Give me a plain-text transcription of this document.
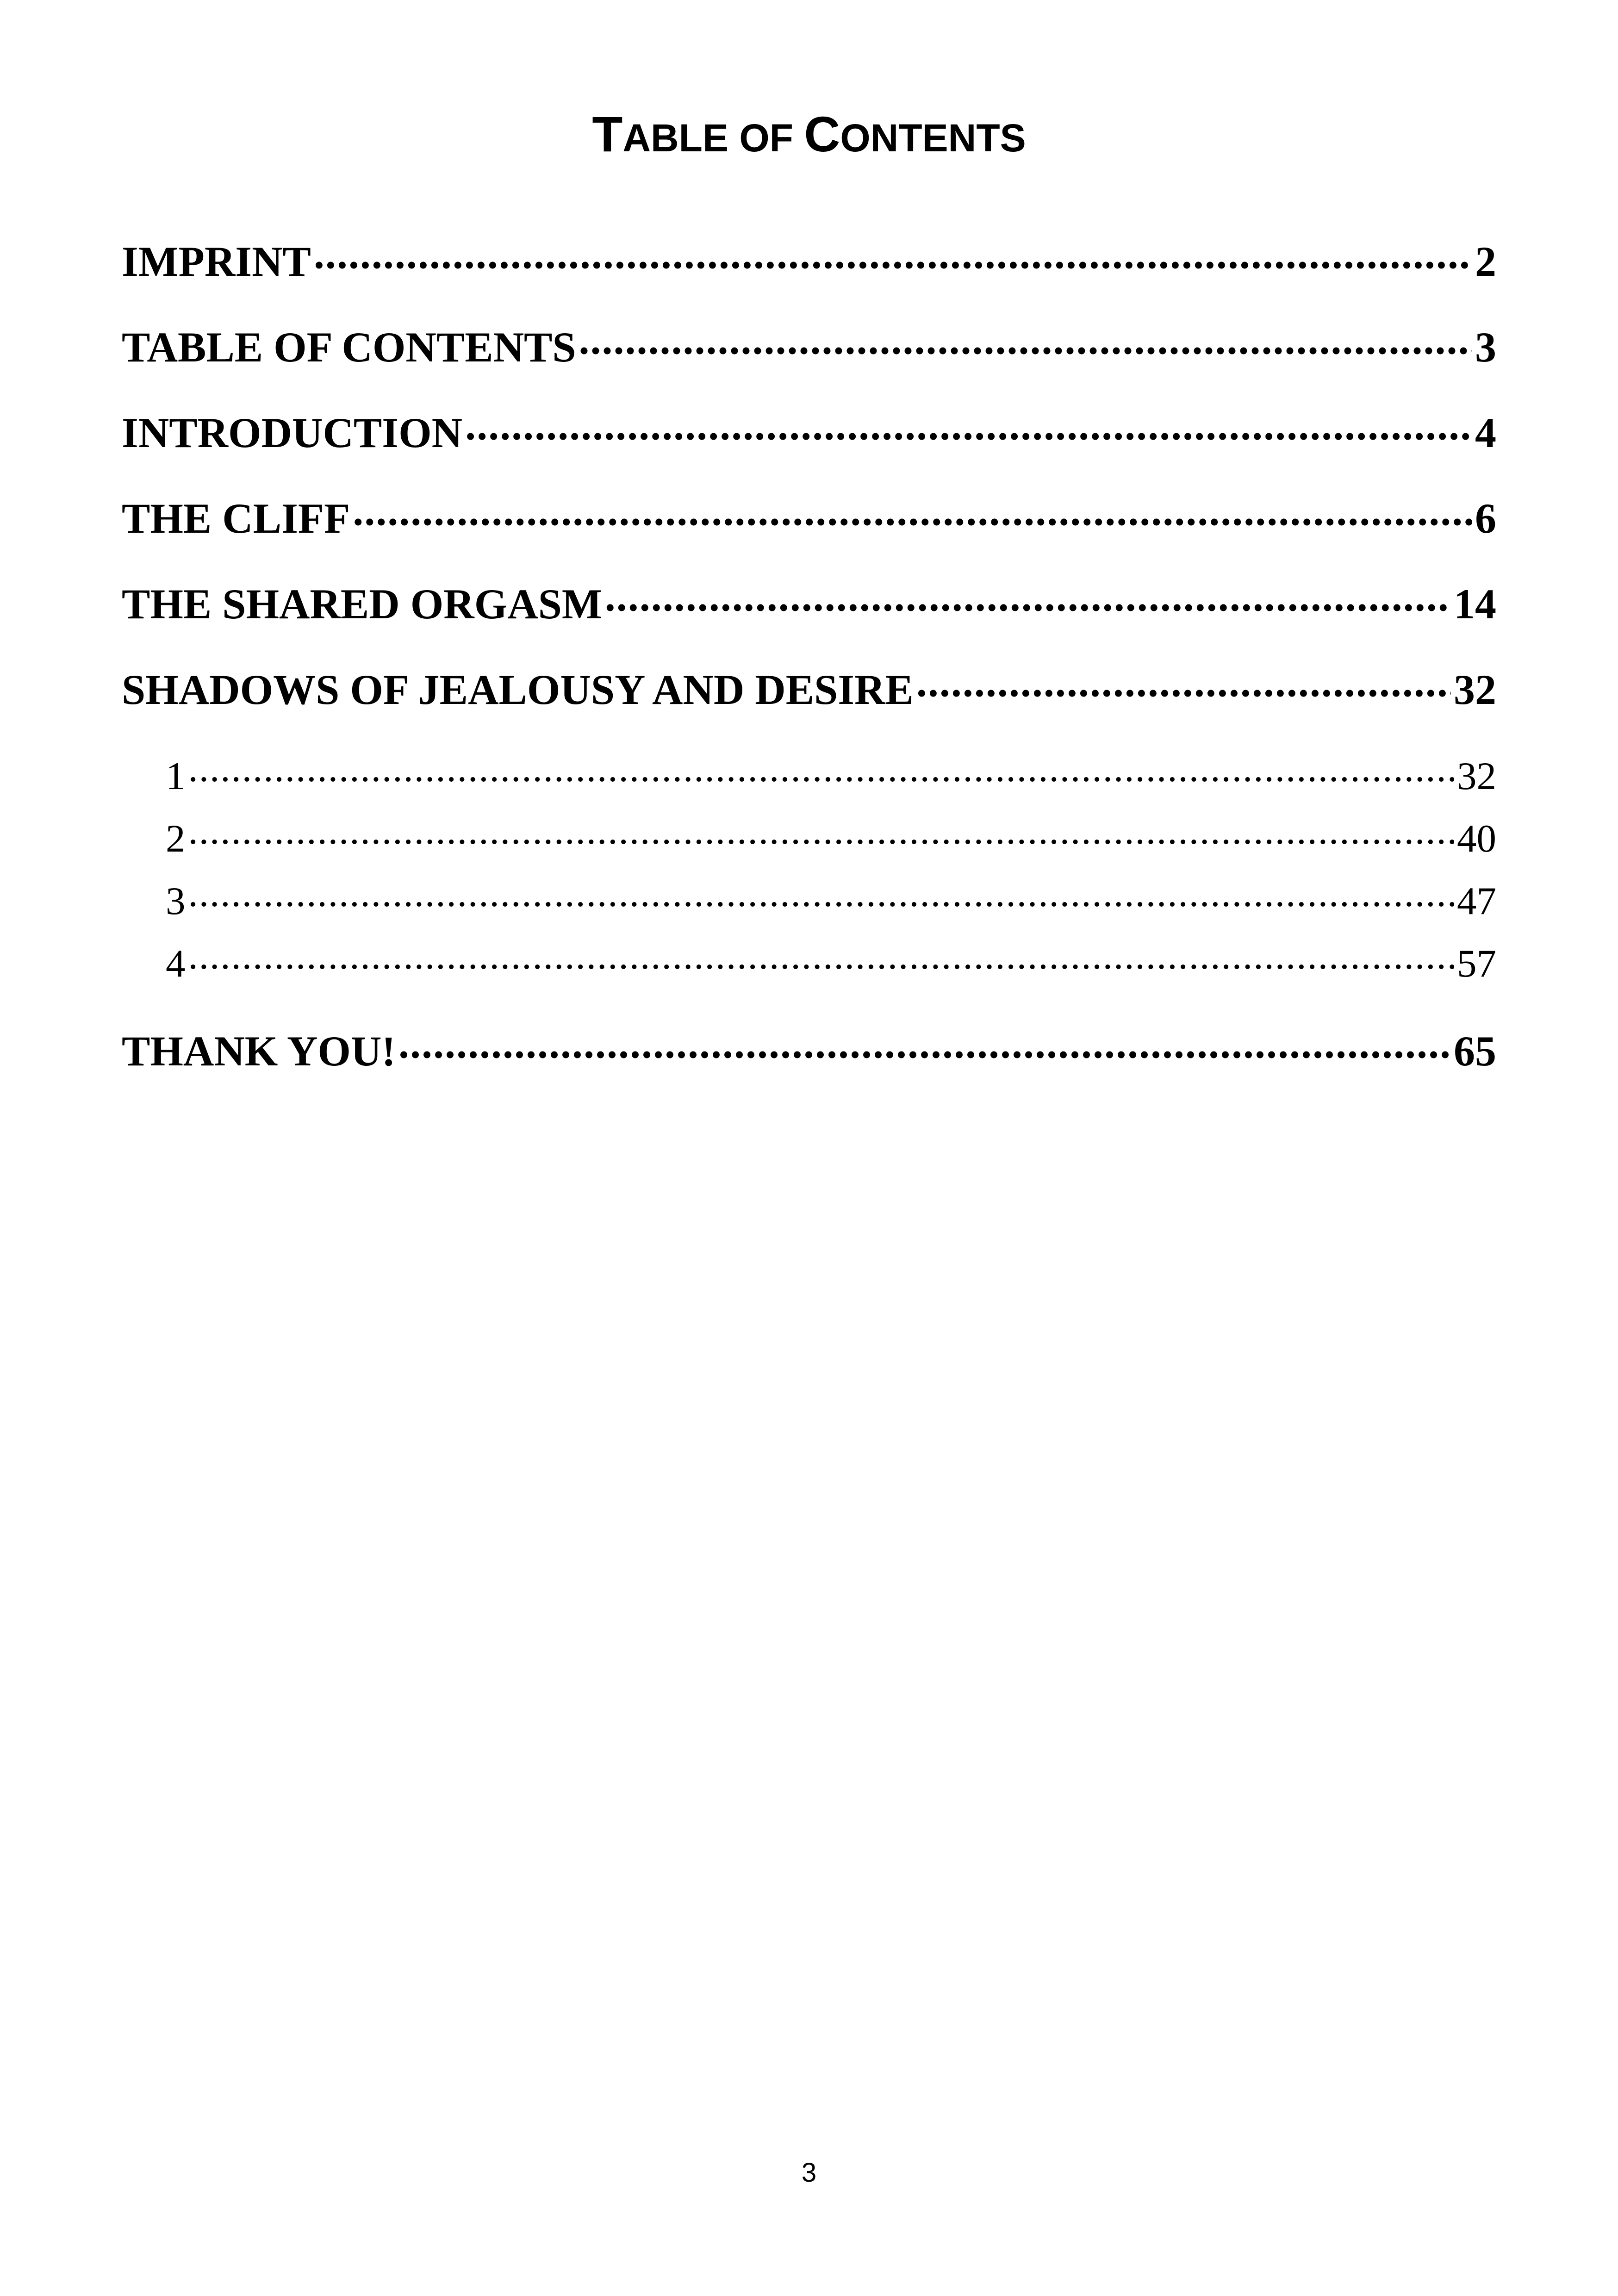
TABLE OF CONTENTS
IMPRINT .....	2
TABLE OF CONTENTS .....	3
INTRODUCTION .....	4
THE CLIFF .....	6
THE SHARED ORGASM .....	14
SHADOWS OF JEALOUSY AND DESIRE .....	32
1 .....	32
2 .....	40
3 .....	47
4 .....	57
THANK YOU! .....	65
3
